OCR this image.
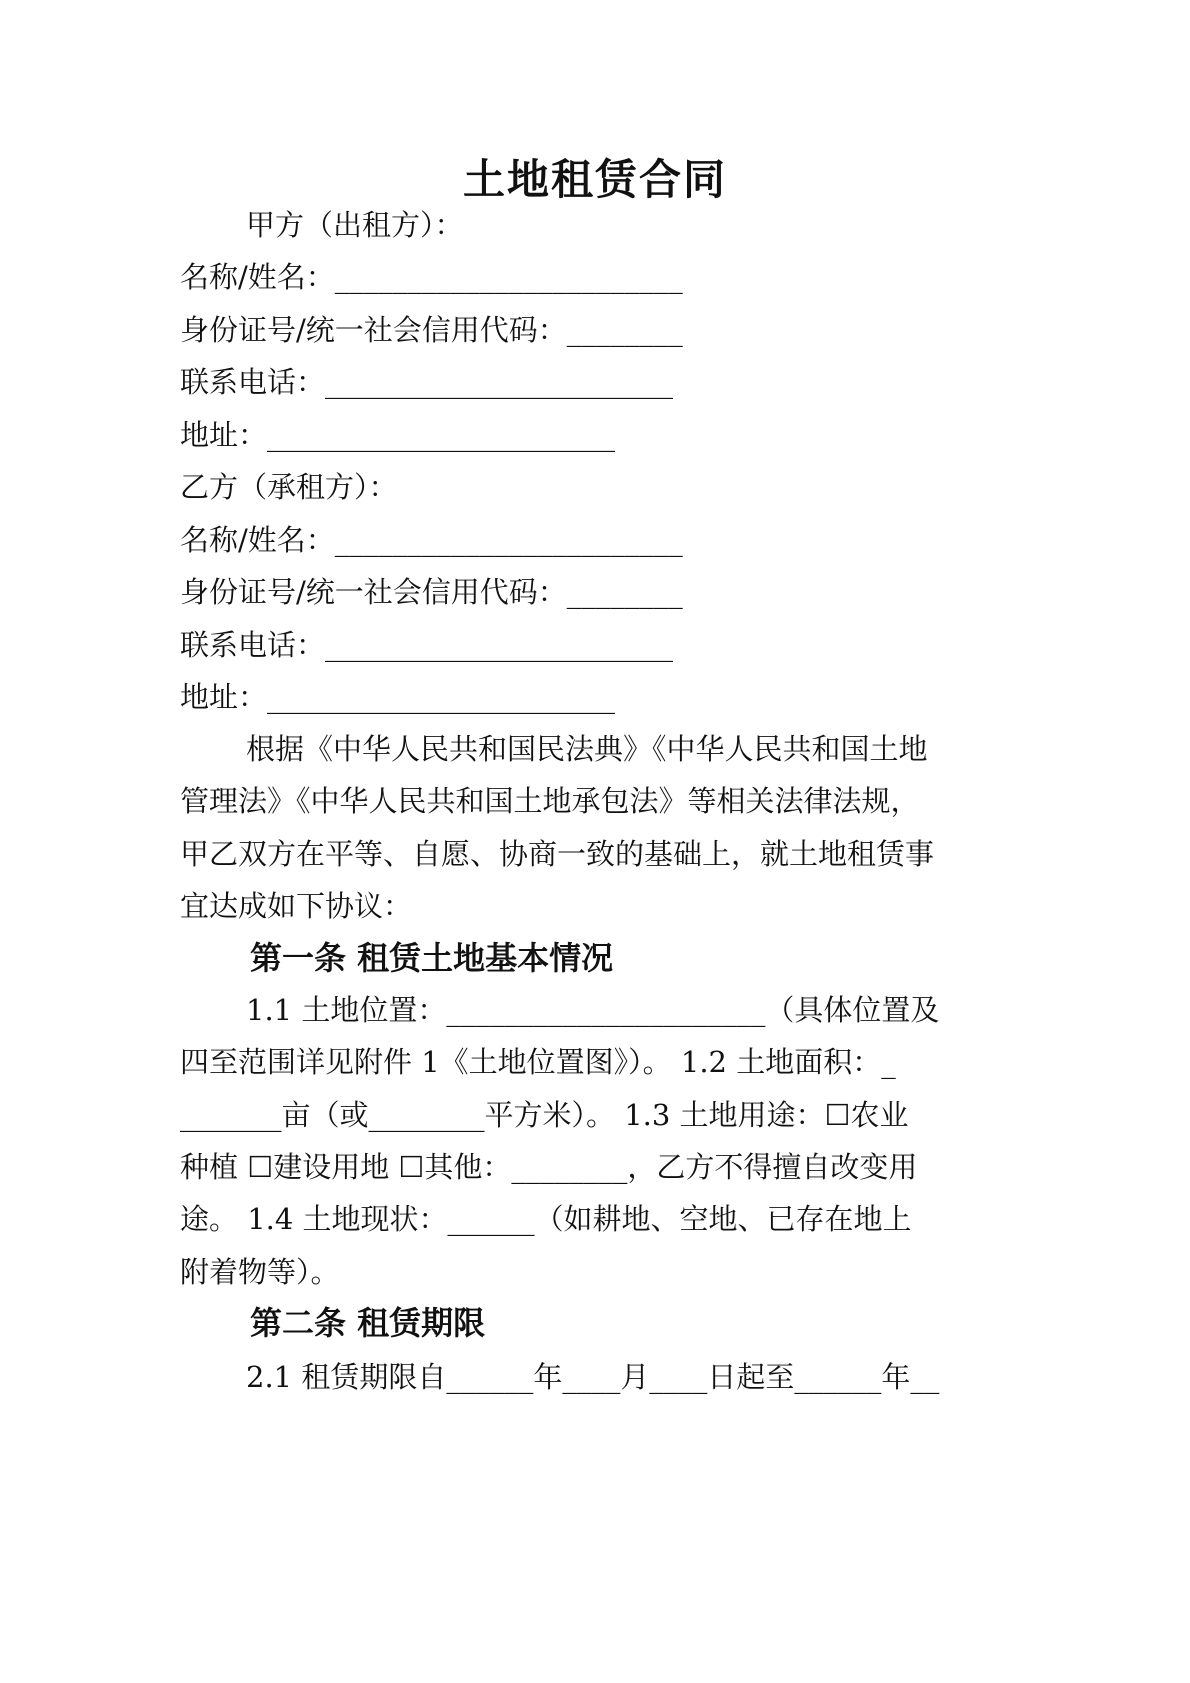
土地租赁合同
甲方（出租方）：
名称/姓名：________________________
身份证号/统一社会信用代码：________
联系电话：________________________
地址：________________________
乙方（承租方）：
名称/姓名：________________________
身份证号/统一社会信用代码：________
联系电话：________________________
地址：________________________
根据《中华人民共和国民法典》《中华人民共和国土地
管理法》《中华人民共和国土地承包法》等相关法律法规，
甲乙双方在平等、自愿、协商一致的基础上，就土地租赁事
宜达成如下协议：
第一条 租赁土地基本情况
1.1 土地位置：______________________（具体位置及
四至范围详见附件 1《土地位置图》）。 1.2 土地面积：_
_______亩（或________平方米）。 1.3 土地用途：☐农业
种植 ☐建设用地 ☐其他：________，乙方不得擅自改变用
途。 1.4 土地现状：______（如耕地、空地、已存在地上
附着物等）。
第二条 租赁期限
2.1 租赁期限自______年____月____日起至______年__
